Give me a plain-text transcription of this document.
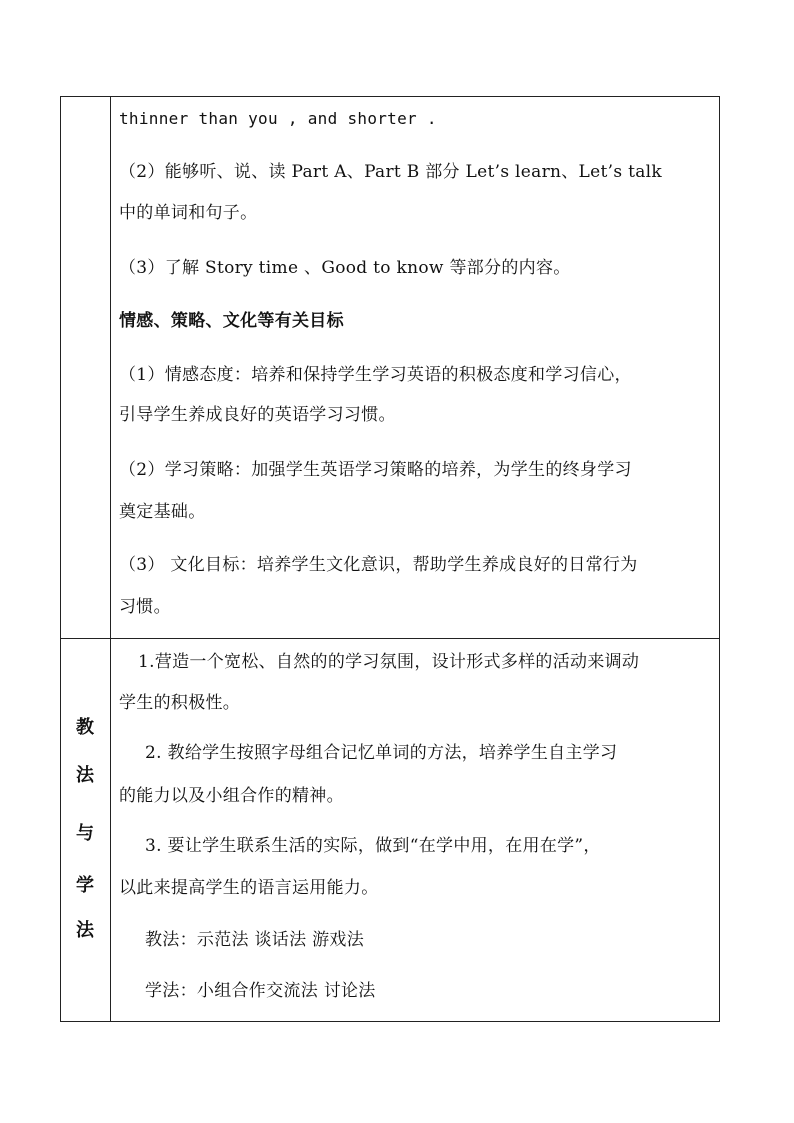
thinner than you , and shorter .
（2）能够听、说、读 Part A、Part B 部分 Let’s learn、Let’s talk
中的单词和句子。
（3）了解 Story time 、Good to know 等部分的内容。
情感、策略、文化等有关目标
（1）情感态度：培养和保持学生学习英语的积极态度和学习信心，
引导学生养成良好的英语学习习惯。
（2）学习策略：加强学生英语学习策略的培养，为学生的终身学习
奠定基础。
（3） 文化目标：培养学生文化意识，帮助学生养成良好的日常行为
习惯。
教
法
与
学
法
1.营造一个宽松、自然的的学习氛围，设计形式多样的活动来调动
学生的积极性。
2. 教给学生按照字母组合记忆单词的方法，培养学生自主学习
的能力以及小组合作的精神。
3. 要让学生联系生活的实际，做到“在学中用，在用在学”，
以此来提高学生的语言运用能力。
教法：示范法 谈话法 游戏法
学法：小组合作交流法 讨论法
